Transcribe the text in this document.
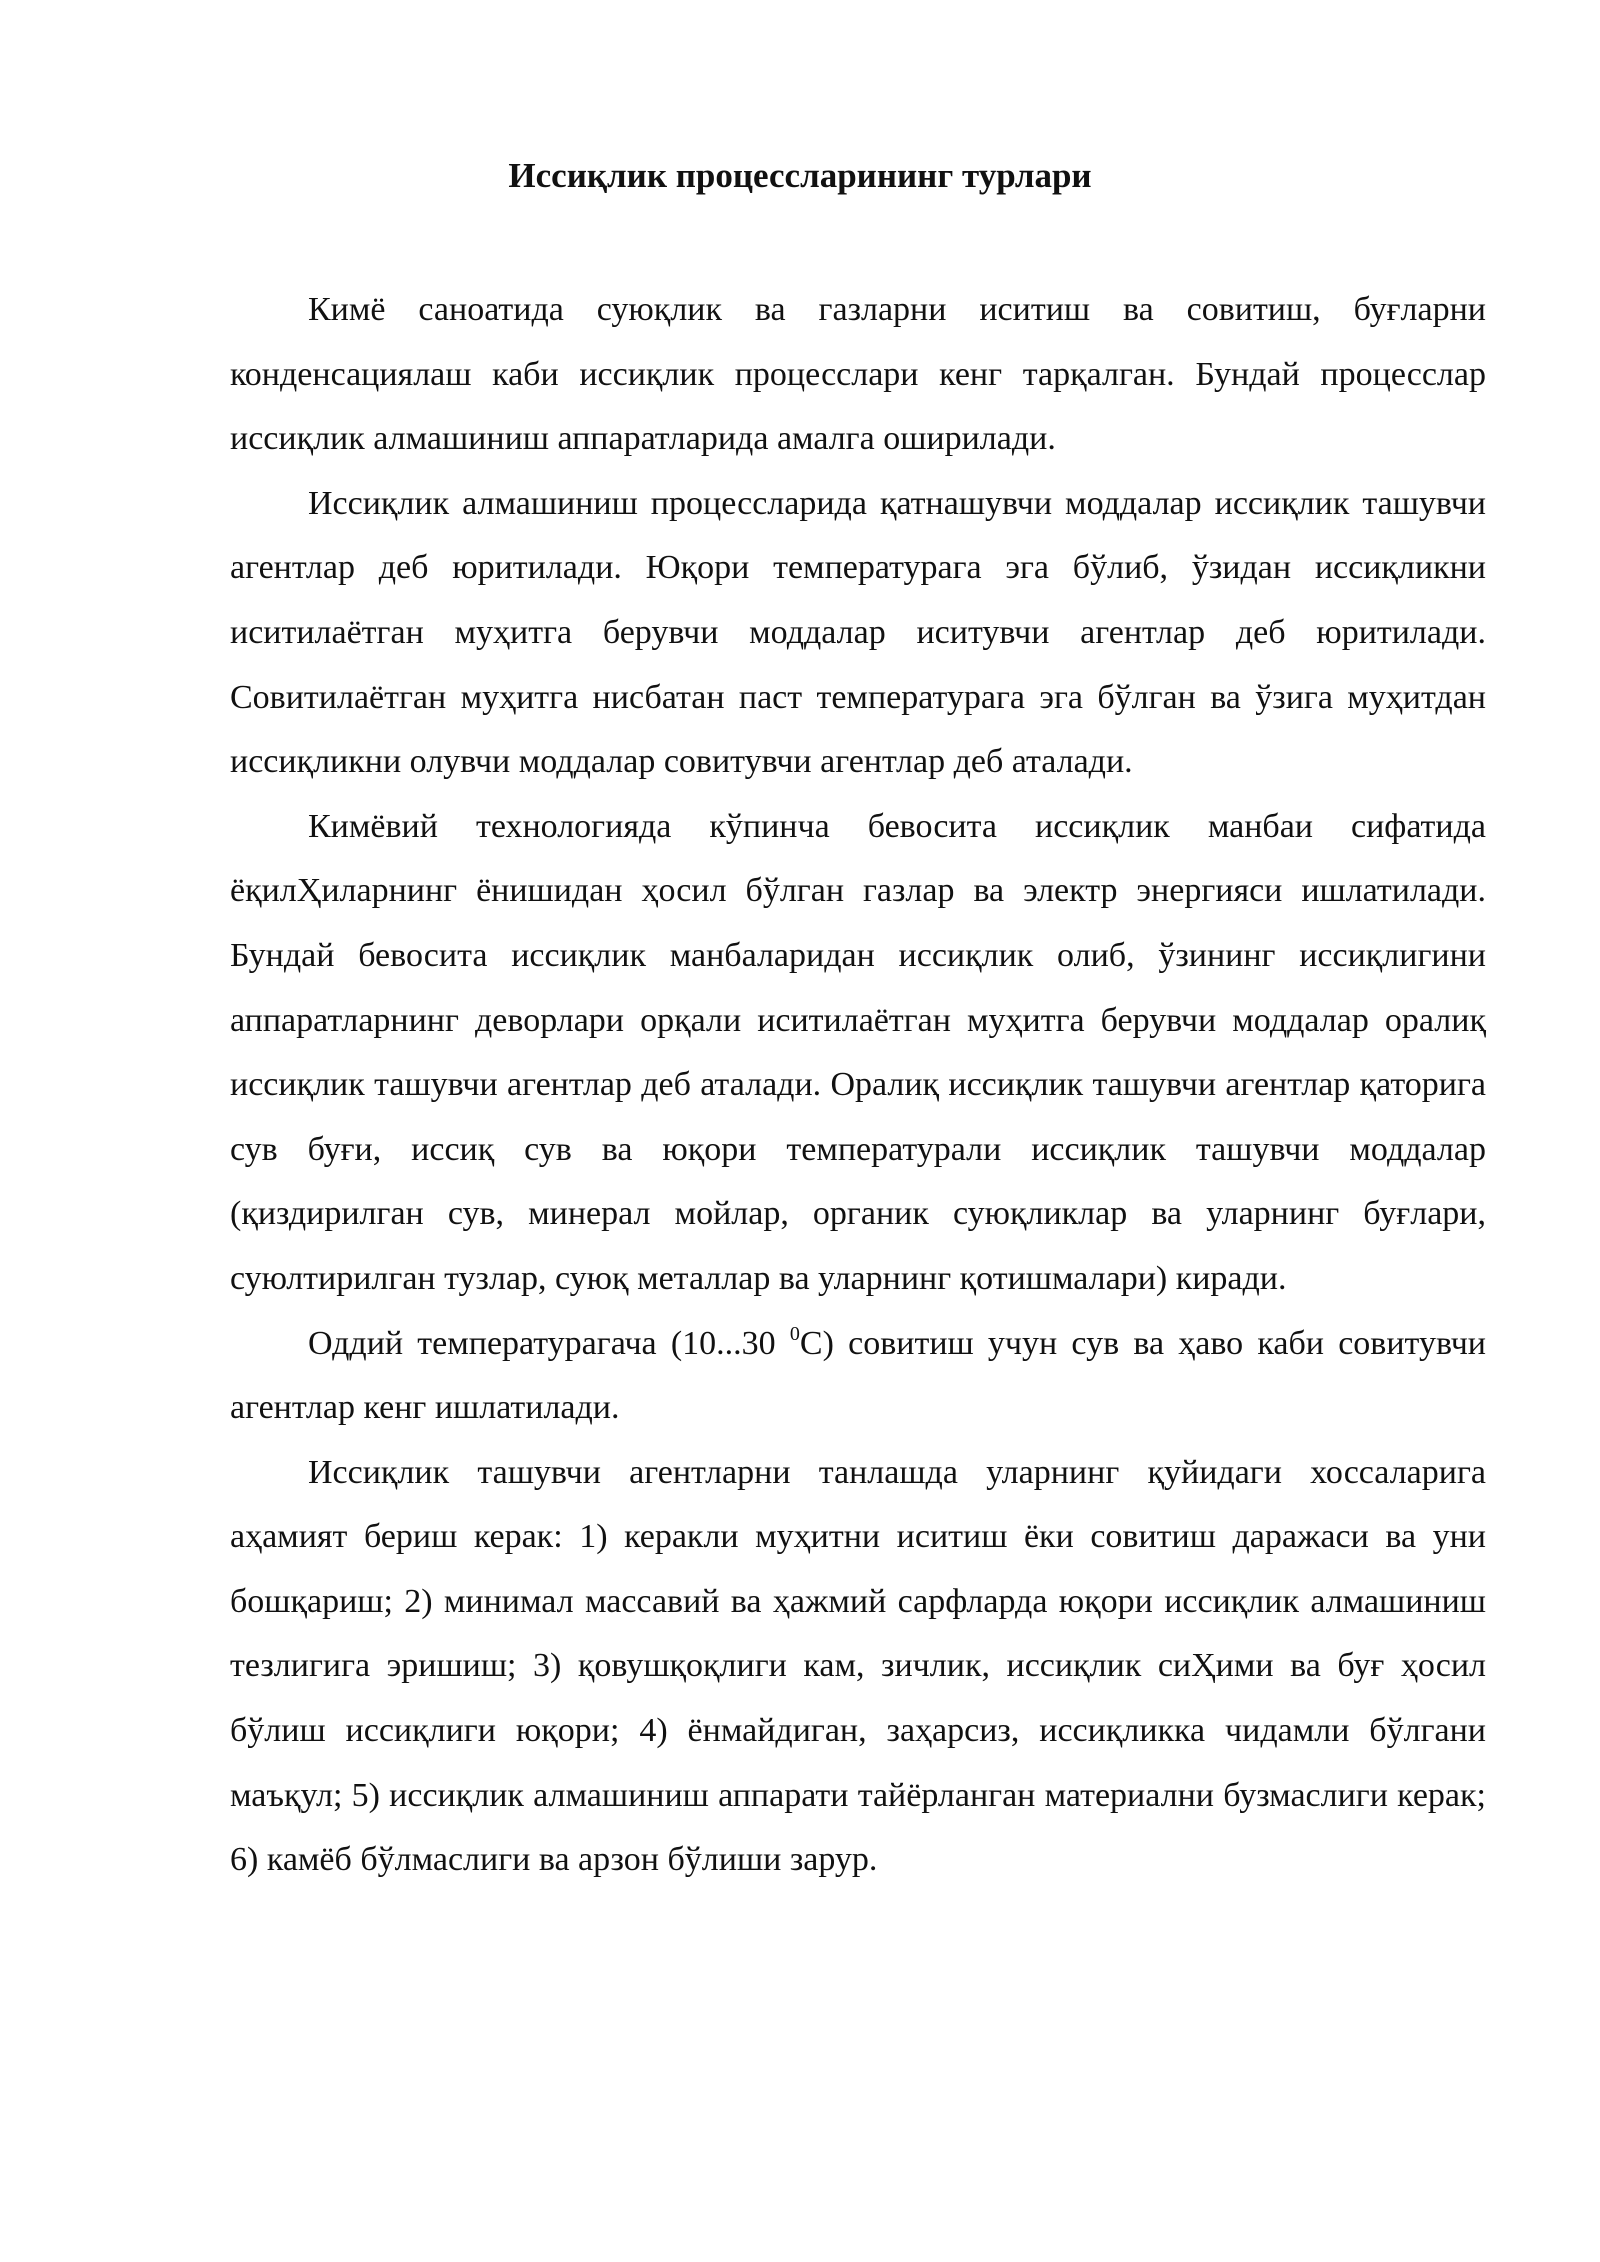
Иссиқлик процессларининг турлари

Кимё саноатида суюқлик ва газларни иситиш ва совитиш, буғларни конденсациялаш каби иссиқлик процесслари кенг тарқалган. Бундай процесслар иссиқлик алмашиниш аппаратларида амалга оширилади.

Иссиқлик алмашиниш процессларида қатнашувчи моддалар иссиқлик ташувчи агентлар деб юритилади. Юқори температурага эга бўлиб, ўзидан иссиқликни иситилаётган муҳитга берувчи моддалар иситувчи агентлар деб юритилади. Совитилаётган муҳитга нисбатан паст температурага эга бўлган ва ўзига муҳитдан иссиқликни олувчи моддалар совитувчи агентлар деб аталади.

Кимёвий технологияда кўпинча бевосита иссиқлик манбаи сифатида ёқилҲиларнинг ёнишидан ҳосил бўлган газлар ва электр энергияси ишлатилади. Бундай бевосита иссиқлик манбаларидан иссиқлик олиб, ўзининг иссиқлигини аппаратларнинг деворлари орқали иситилаётган муҳитга берувчи моддалар оралиқ иссиқлик ташувчи агентлар деб аталади. Оралиқ иссиқлик ташувчи агентлар қаторига сув буғи, иссиқ сув ва юқори температурали иссиқлик ташувчи моддалар (қиздирилган сув, минерал мойлар, органик суюқликлар ва уларнинг буғлари, суюлтирилган тузлар, суюқ металлар ва уларнинг қотишмалари) киради.

Оддий температурагача (10...30 $^0$С) совитиш учун сув ва ҳаво каби совитувчи агентлар кенг ишлатилади.

Иссиқлик ташувчи агентларни танлашда уларнинг қуйидаги хоссаларига аҳамият бериш керак: 1) керакли муҳитни иситиш ёки совитиш даражаси ва уни бошқариш; 2) минимал массавий ва ҳажмий сарфларда юқори иссиқлик алмашиниш тезлигига эришиш; 3) қовушқоқлиги кам, зичлик, иссиқлик сиҲими ва буғ ҳосил бўлиш иссиқлиги юқори; 4) ёнмайдиган, заҳарсиз, иссиқликка чидамли бўлгани маъқул; 5) иссиқлик алмашиниш аппарати тайёрланган материални бузмаслиги керак; 6) камёб бўлмаслиги ва арзон бўлиши зарур.
